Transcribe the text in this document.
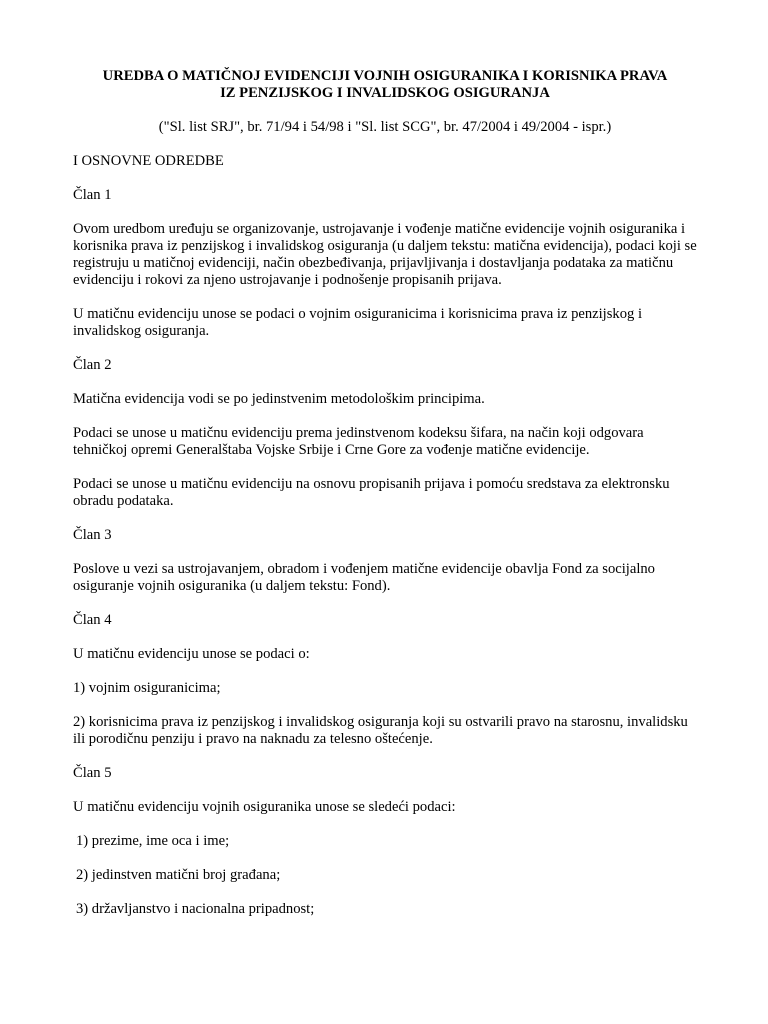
UREDBA O MATIČNOJ EVIDENCIJI VOJNIH OSIGURANIKA I KORISNIKA PRAVA
IZ PENZIJSKOG I INVALIDSKOG OSIGURANJA
("Sl. list SRJ", br. 71/94 i 54/98 i "Sl. list SCG", br. 47/2004 i 49/2004 - ispr.)
I OSNOVNE ODREDBE

Član 1

Ovom uredbom uređuju se organizovanje, ustrojavanje i vođenje matične evidencije vojnih osiguranika i korisnika prava iz penzijskog i invalidskog osiguranja (u daljem tekstu: matična evidencija), podaci koji se registruju u matičnoj evidenciji, način obezbeđivanja, prijavljivanja i dostavljanja podataka za matičnu evidenciju i rokovi za njeno ustrojavanje i podnošenje propisanih prijava.

U matičnu evidenciju unose se podaci o vojnim osiguranicima i korisnicima prava iz penzijskog i invalidskog osiguranja.

Član 2

Matična evidencija vodi se po jedinstvenim metodološkim principima.

Podaci se unose u matičnu evidenciju prema jedinstvenom kodeksu šifara, na način koji odgovara tehničkoj opremi Generalštaba Vojske Srbije i Crne Gore za vođenje matične evidencije.

Podaci se unose u matičnu evidenciju na osnovu propisanih prijava i pomoću sredstava za elektronsku obradu podataka.

Član 3

Poslove u vezi sa ustrojavanjem, obradom i vođenjem matične evidencije obavlja Fond za socijalno osiguranje vojnih osiguranika (u daljem tekstu: Fond).

Član 4

U matičnu evidenciju unose se podaci o:

1) vojnim osiguranicima;

2) korisnicima prava iz penzijskog i invalidskog osiguranja koji su ostvarili pravo na starosnu, invalidsku ili porodičnu penziju i pravo na naknadu za telesno oštećenje.

Član 5

U matičnu evidenciju vojnih osiguranika unose se sledeći podaci:

1) prezime, ime oca i ime;

2) jedinstven matični broj građana;

3) državljanstvo i nacionalna pripadnost;
